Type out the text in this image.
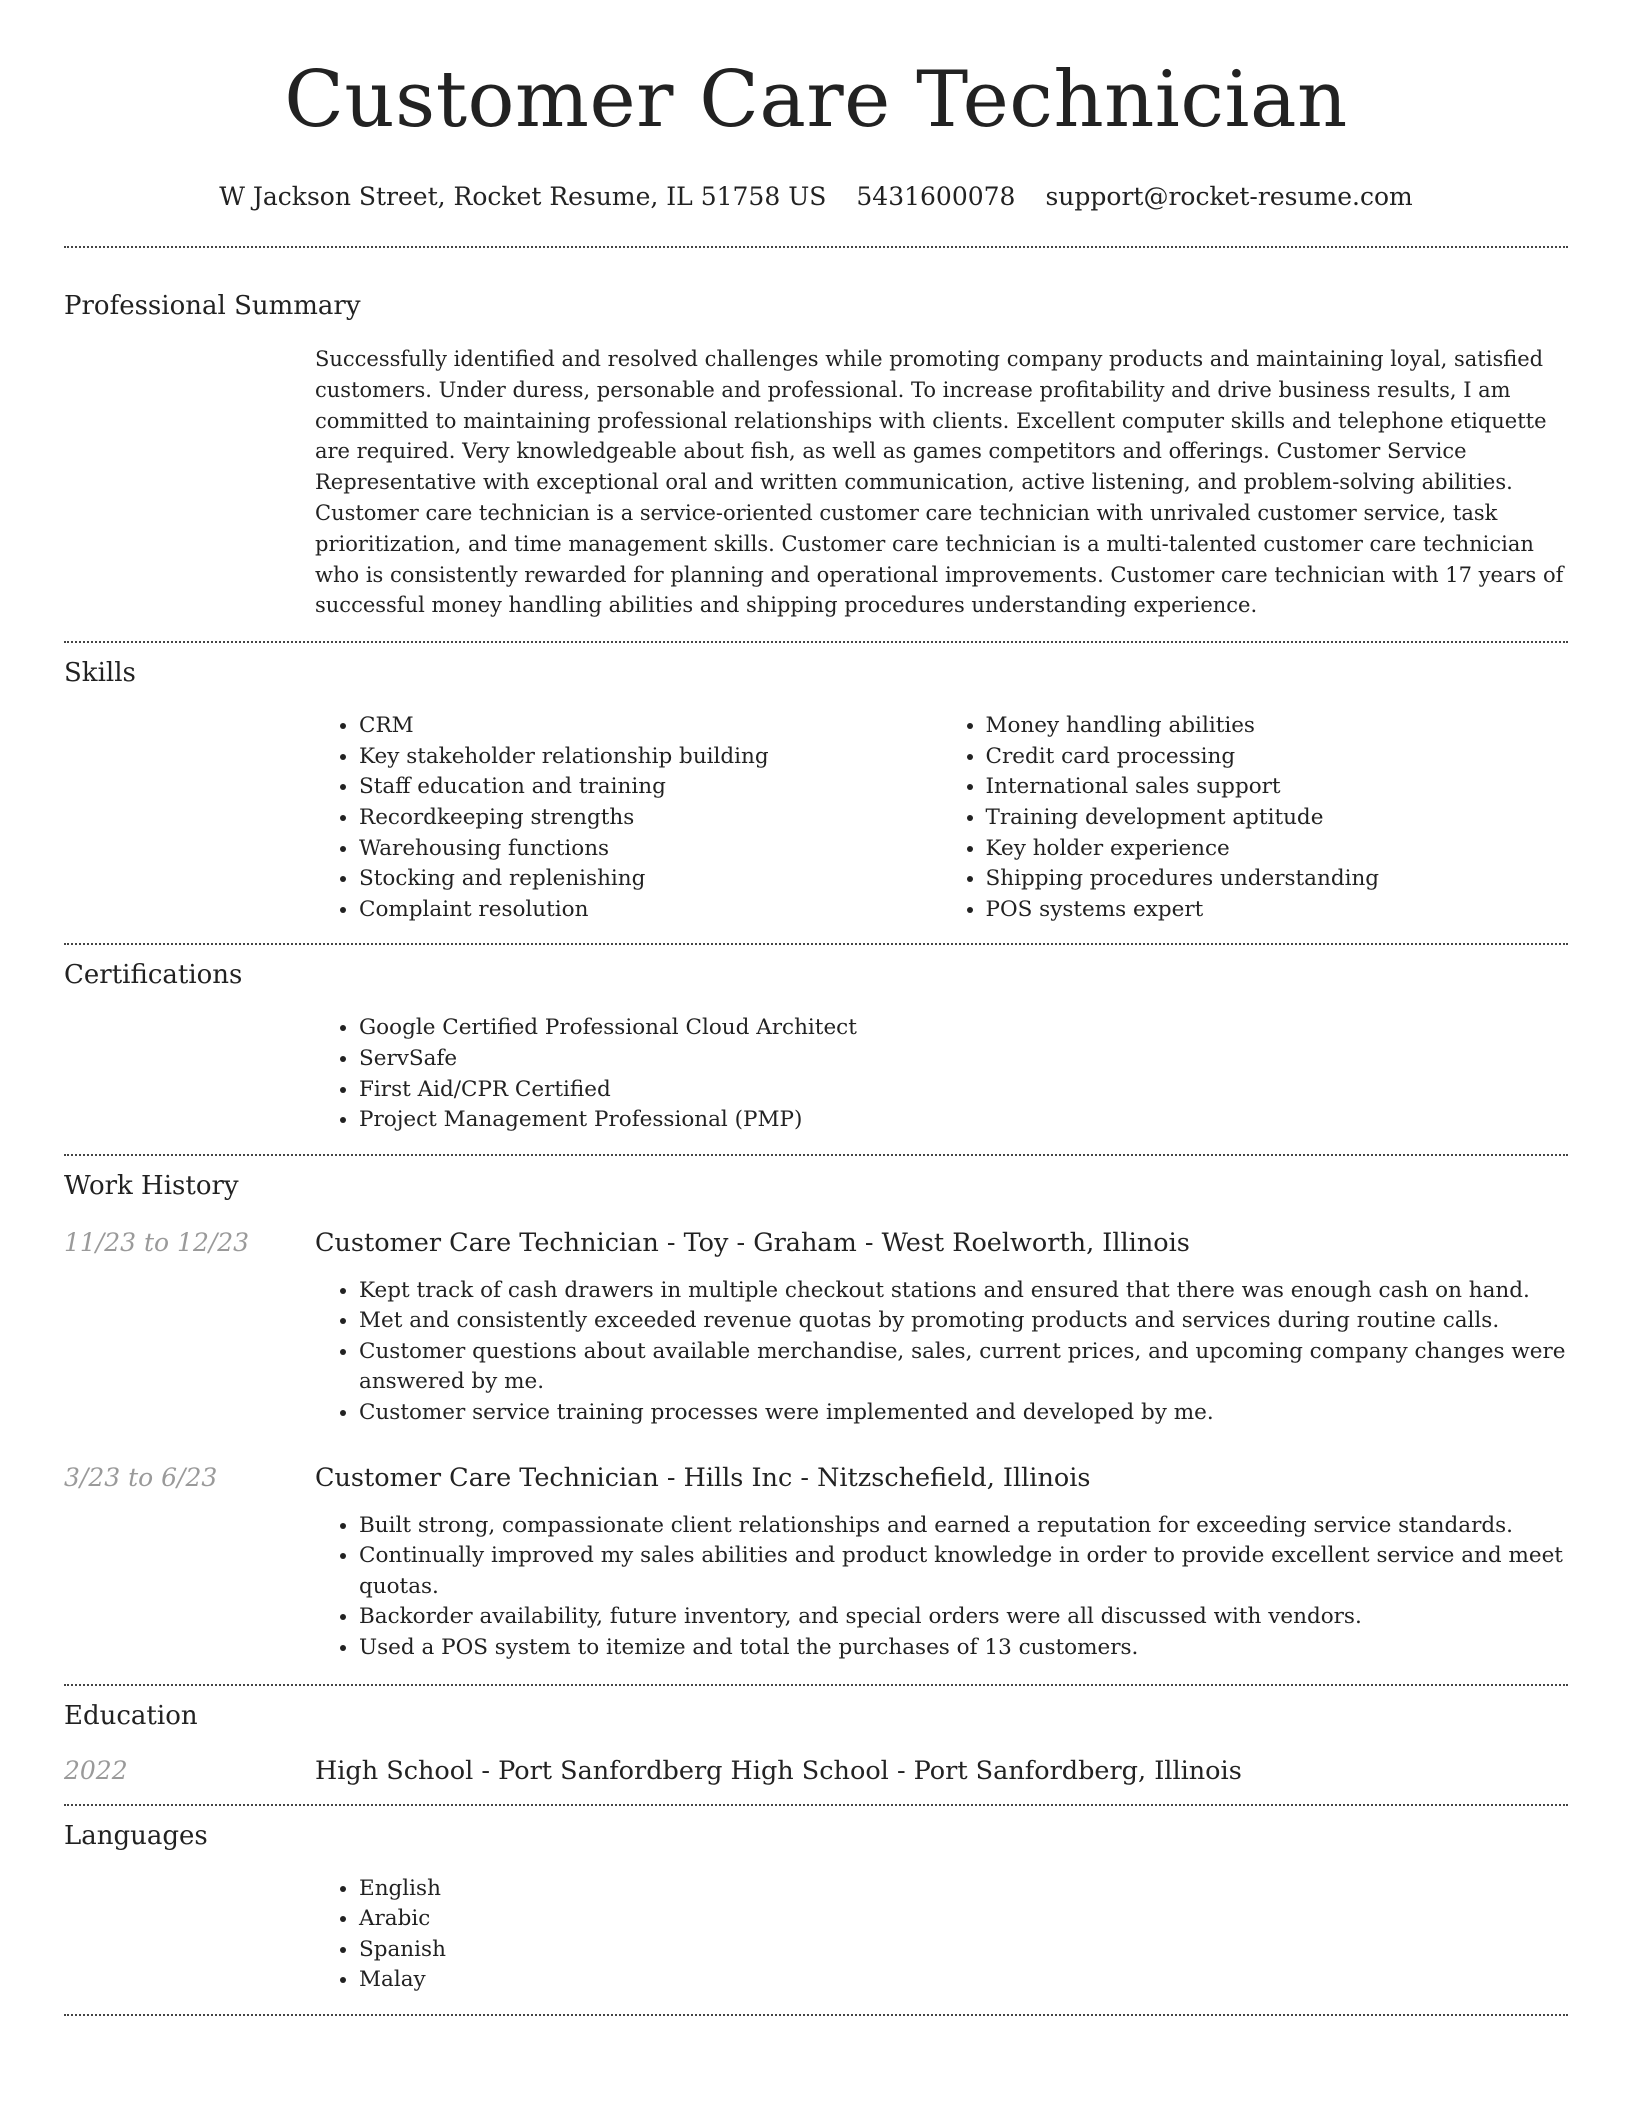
Customer Care Technician
W Jackson Street, Rocket Resume, IL 51758 US 5431600078 support@rocket-resume.com
Professional Summary

Successfully identified and resolved challenges while promoting company products and maintaining loyal, satisfied customers. Under duress, personable and professional. To increase profitability and drive business results, I am committed to maintaining professional relationships with clients. Excellent computer skills and telephone etiquette are required. Very knowledgeable about fish, as well as games competitors and offerings. Customer Service Representative with exceptional oral and written communication, active listening, and problem-solving abilities. Customer care technician is a service-oriented customer care technician with unrivaled customer service, task prioritization, and time management skills. Customer care technician is a multi-talented customer care technician who is consistently rewarded for planning and operational improvements. Customer care technician with 17 years of successful money handling abilities and shipping procedures understanding experience.

Skills
• CRM
• Key stakeholder relationship building
• Staff education and training
• Recordkeeping strengths
• Warehousing functions
• Stocking and replenishing
• Complaint resolution
• Money handling abilities
• Credit card processing
• International sales support
• Training development aptitude
• Key holder experience
• Shipping procedures understanding
• POS systems expert
Certifications
• Google Certified Professional Cloud Architect
• ServSafe
• First Aid/CPR Certified
• Project Management Professional (PMP)
Work History
11/23 to 12/23	Customer Care Technician - Toy - Graham - West Roelworth, Illinois
• Kept track of cash drawers in multiple checkout stations and ensured that there was enough cash on hand.
• Met and consistently exceeded revenue quotas by promoting products and services during routine calls.
• Customer questions about available merchandise, sales, current prices, and upcoming company changes were answered by me.
• Customer service training processes were implemented and developed by me.
3/23 to 6/23	Customer Care Technician - Hills Inc - Nitzschefield, Illinois
• Built strong, compassionate client relationships and earned a reputation for exceeding service standards.
• Continually improved my sales abilities and product knowledge in order to provide excellent service and meet quotas.
• Backorder availability, future inventory, and special orders were all discussed with vendors.
• Used a POS system to itemize and total the purchases of 13 customers.
Education
2022	High School - Port Sanfordberg High School - Port Sanfordberg, Illinois
Languages
• English
• Arabic
• Spanish
• Malay
